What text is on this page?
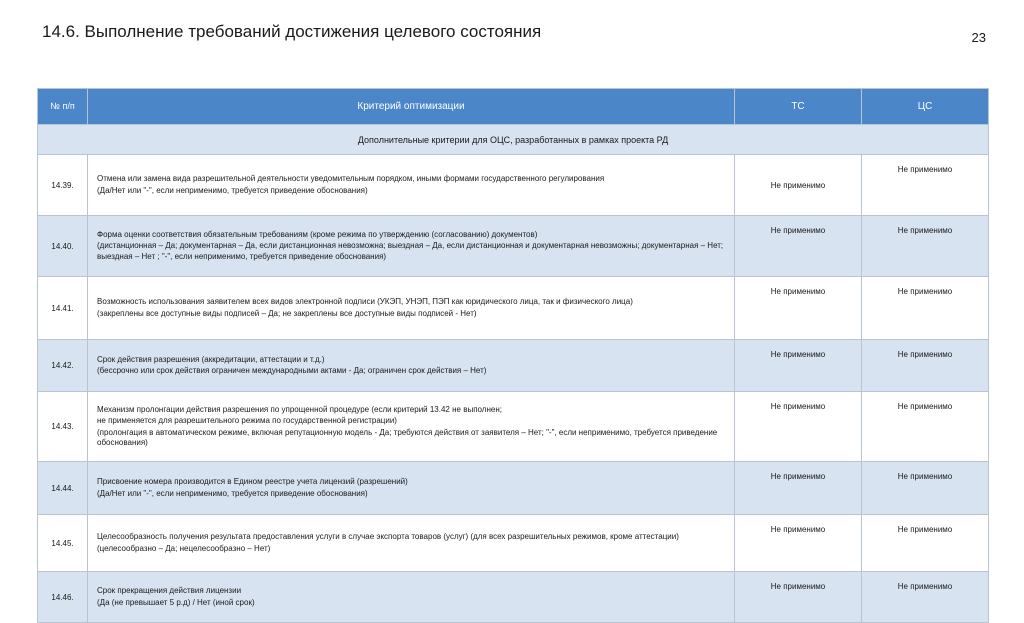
14.6. Выполнение требований достижения целевого состояния	23
№ п/п	Критерий оптимизации	ТС	ЦС
Дополнительные критерии для ОЦС, разработанных в рамках проекта РД			
14.39.	Отмена или замена вида разрешительной деятельности уведомительным порядком, иными формами государственного регулирования
(Да/Нет или "-", если неприменимо, требуется приведение обоснования)	Не применимо	Не применимо
14.40.	Форма оценки соответствия обязательным требованиям (кроме режима по утверждению (согласованию) документов)
(дистанционная – Да; документарная – Да, если дистанционная невозможна; выездная – Да, если дистанционная и документарная невозможны; документарная – Нет; выездная – Нет ; "-", если неприменимо, требуется приведение обоснования)	Не применимо	Не применимо
14.41.	Возможность использования заявителем всех видов электронной подписи (УКЭП, УНЭП, ПЭП как юридического лица, так и физического лица)
(закреплены все доступные виды подписей – Да; не закреплены все доступные виды подписей - Нет)	Не применимо	Не применимо
14.42.	Срок действия разрешения (аккредитации, аттестации и т.д.)
(бессрочно или срок действия ограничен международными актами - Да; ограничен срок действия – Нет)	Не применимо	Не применимо
14.43.	Механизм пролонгации действия разрешения по упрощенной процедуре (если критерий 13.42 не выполнен;
не применяется для разрешительного режима по государственной регистрации)
(пролонгация в автоматическом режиме, включая репутационную модель - Да; требуются действия от заявителя – Нет; "-", если неприменимо, требуется приведение обоснования)	Не применимо	Не применимо
14.44.	Присвоение номера производится в Едином реестре учета лицензий (разрешений)
(Да/Нет или "-", если неприменимо, требуется приведение обоснования)	Не применимо	Не применимо
14.45.	Целесообразность получения результата предоставления услуги в случае экспорта товаров (услуг) (для всех разрешительных режимов, кроме аттестации)
(целесообразно – Да; нецелесообразно – Нет)	Не применимо	Не применимо
14.46.	Срок прекращения действия лицензии
(Да (не превышает 5 р.д) / Нет (иной срок)	Не применимо	Не применимо
